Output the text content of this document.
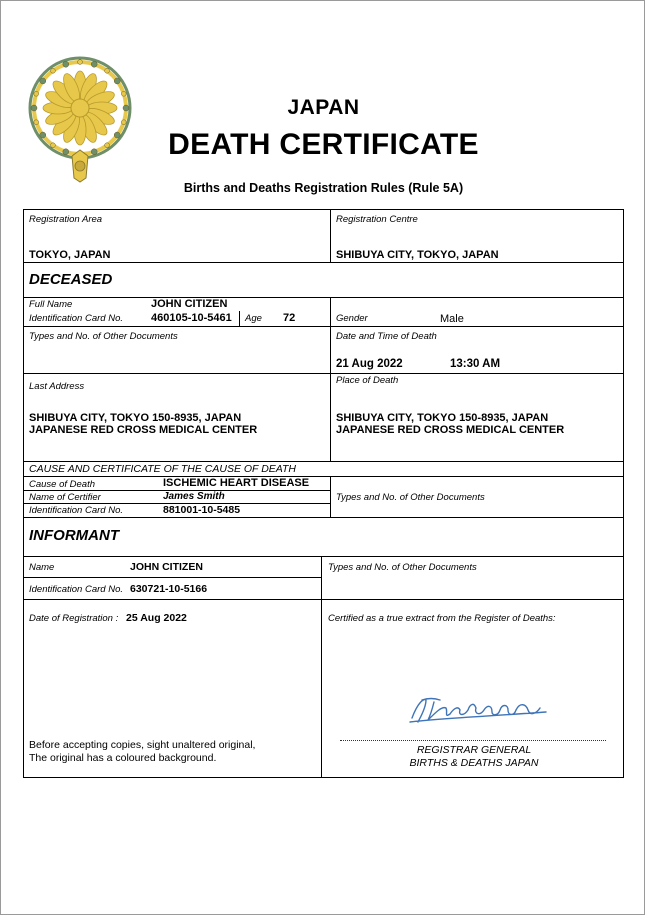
JAPAN
DEATH CERTIFICATE
Births and Deaths Registration Rules (Rule 5A)
Registration Area
TOKYO, JAPAN
Registration Centre
SHIBUYA CITY, TOKYO, JAPAN
DECEASED
Full Name	JOHN CITIZEN
Identification Card No.	460105-10-5461 Age 72	Gender	Male
Types and No. of Other Documents	Date and Time of Death
21 Aug 2022	13:30 AM
Last Address
SHIBUYA CITY, TOKYO 150-8935, JAPAN
JAPANESE RED CROSS MEDICAL CENTER
Place of Death
SHIBUYA CITY, TOKYO 150-8935, JAPAN
JAPANESE RED CROSS MEDICAL CENTER
CAUSE AND CERTIFICATE OF THE CAUSE OF DEATH
Cause of Death	ISCHEMIC HEART DISEASE
Name of Certifier	James Smith
Identification Card No.	881001-10-5485
Types and No. of Other Documents
INFORMANT
Name	JOHN CITIZEN
Identification Card No. 630721-10-5166
Types and No. of Other Documents
Date of Registration : 25 Aug 2022	Certified as a true extract from the Register of Deaths:
Before accepting copies, sight unaltered original,
The original has a coloured background.
REGISTRAR GENERAL
BIRTHS & DEATHS JAPAN
